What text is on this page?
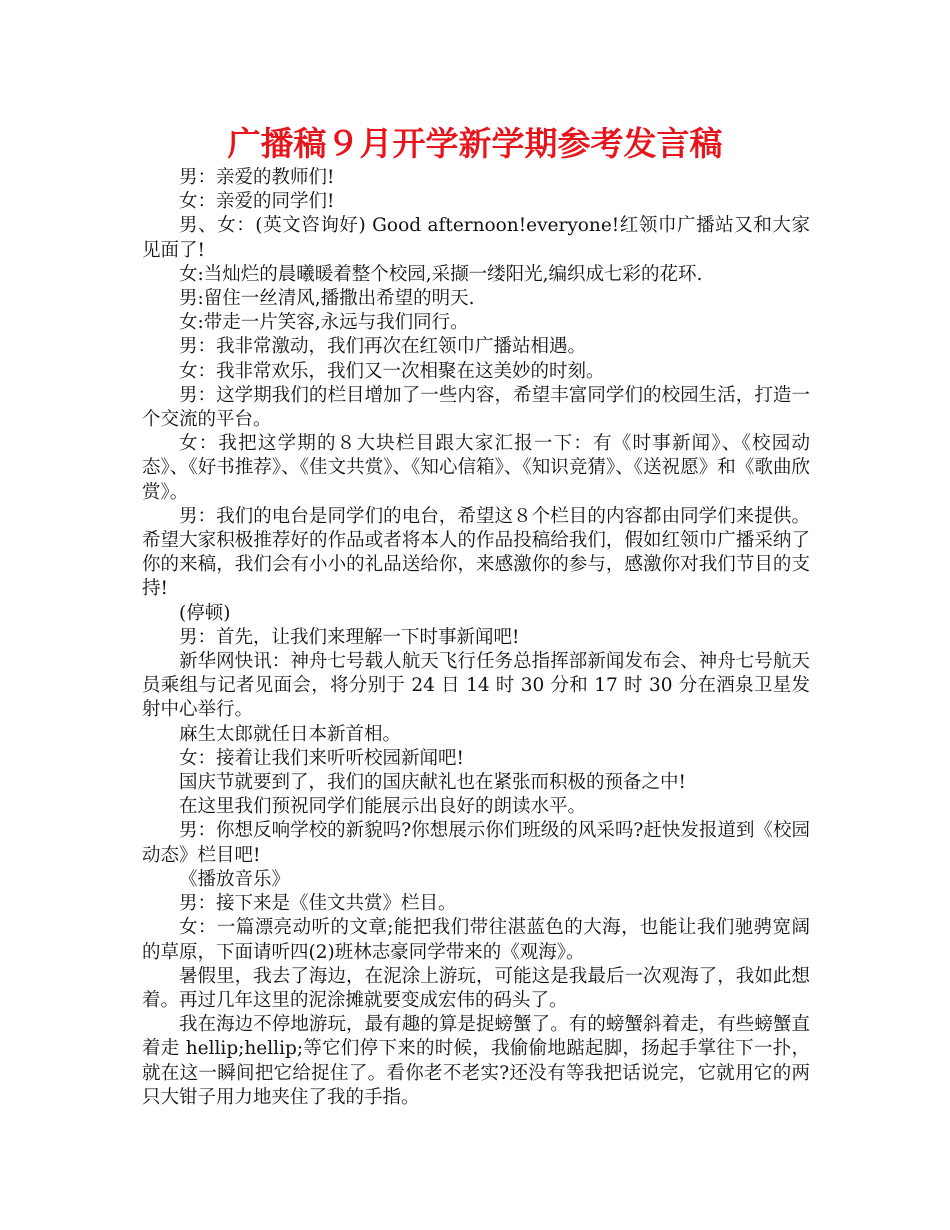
广播稿９月开学新学期参考发言稿

男：亲爱的教师们!

女：亲爱的同学们!

男、女：(英文咨询好) Good afternoon!everyone!红领巾广播站又和大家见面了!

女:当灿烂的晨曦暖着整个校园,采撷一缕阳光,编织成七彩的花环.

男:留住一丝清风,播撒出希望的明天.

女:带走一片笑容,永远与我们同行。

男：我非常激动，我们再次在红领巾广播站相遇。

女：我非常欢乐，我们又一次相聚在这美妙的时刻。

男：这学期我们的栏目增加了一些内容，希望丰富同学们的校园生活，打造一个交流的平台。

女：我把这学期的８大块栏目跟大家汇报一下：有《时事新闻》、《校园动态》、《好书推荐》、《佳文共赏》、《知心信箱》、《知识竞猜》、《送祝愿》和《歌曲欣赏》。

男：我们的电台是同学们的电台，希望这８个栏目的内容都由同学们来提供。希望大家积极推荐好的作品或者将本人的作品投稿给我们，假如红领巾广播采纳了你的来稿，我们会有小小的礼品送给你，来感激你的参与，感激你对我们节目的支持!

(停顿)

男：首先，让我们来理解一下时事新闻吧!

新华网快讯：神舟七号载人航天飞行任务总指挥部新闻发布会、神舟七号航天员乘组与记者见面会，将分别于 24 日 14 时 30 分和 17 时 30 分在酒泉卫星发射中心举行。

麻生太郎就任日本新首相。

女：接着让我们来听听校园新闻吧!

国庆节就要到了，我们的国庆献礼也在紧张而积极的预备之中!

在这里我们预祝同学们能展示出良好的朗读水平。

男：你想反响学校的新貌吗?你想展示你们班级的风采吗?赶快发报道到《校园动态》栏目吧!

《播放音乐》

男：接下来是《佳文共赏》栏目。

女：一篇漂亮动听的文章;能把我们带往湛蓝色的大海，也能让我们驰骋宽阔的草原，下面请听四(2)班林志豪同学带来的《观海》。

暑假里，我去了海边，在泥涂上游玩，可能这是我最后一次观海了，我如此想着。再过几年这里的泥涂摊就要变成宏伟的码头了。

我在海边不停地游玩，最有趣的算是捉螃蟹了。有的螃蟹斜着走，有些螃蟹直着走 hellip;hellip;等它们停下来的时候，我偷偷地踮起脚，扬起手掌往下一扑，就在这一瞬间把它给捉住了。看你老不老实?还没有等我把话说完，它就用它的两只大钳子用力地夹住了我的手指。
